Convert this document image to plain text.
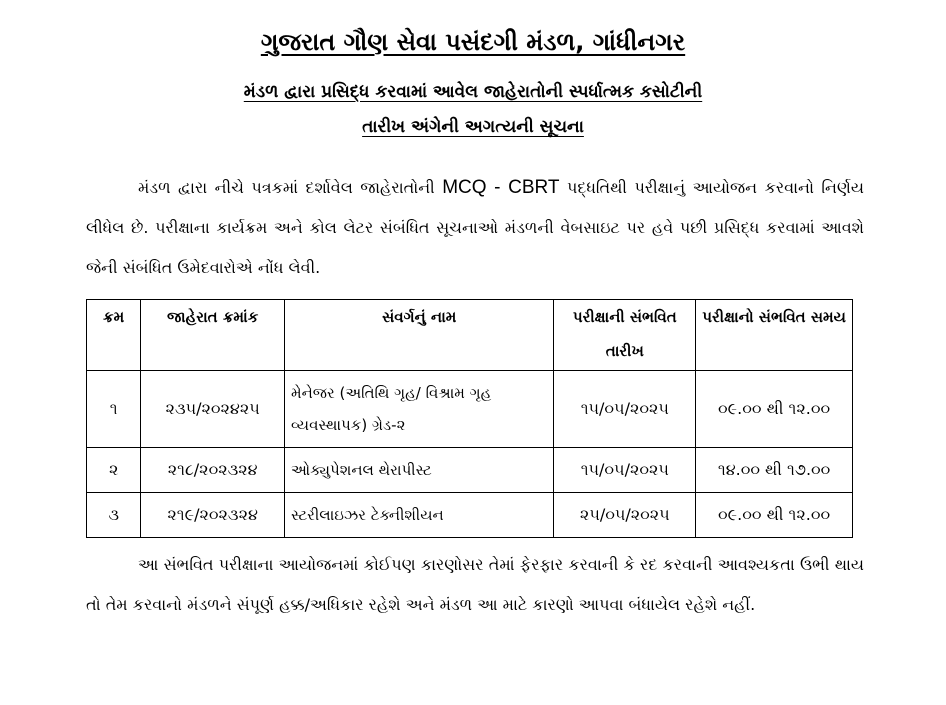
ગુજરાત ગૌણ સેવા પસંદગી મંડળ, ગાંધીનગર
મંડળ દ્વારા પ્રસિદ્ધ કરવામાં આવેલ જાહેરાતોની સ્પર્ધાત્મક કસોટીની
તારીખ અંગેની અગત્યની સૂચના
મંડળ દ્વારા નીચે પત્રકમાં દર્શાવેલ જાહેરાતોની MCQ - CBRT પદ્ધતિથી પરીક્ષાનું આયોજન કરવાનો નિર્ણય લીધેલ છે. પરીક્ષાના કાર્યક્રમ અને કોલ લેટર સંબંધિત સૂચનાઓ મંડળની વેબસાઇટ પર હવે પછી પ્રસિદ્ધ કરવામાં આવશે જેની સંબંધિત ઉમેદવારોએ નોંધ લેવી.
ક્રમ	જાહેરાત ક્રમાંક	સંવર્ગનું નામ	પરીક્ષાની સંભવિત તારીખ	પરીક્ષાનો સંભવિત સમય
૧	૨૩૫/૨૦૨૪૨૫	મેનેજર (અતિથિ ગૃહ/ વિશ્રામ ગૃહ વ્યવસ્થાપક) ગ્રેડ-૨	૧૫/૦૫/૨૦૨૫	૦૯.૦૦ થી ૧૨.૦૦
૨	૨૧૮/૨૦૨૩૨૪	ઓક્યુપેશનલ થેરાપીસ્ટ	૧૫/૦૫/૨૦૨૫	૧૪.૦૦ થી ૧૭.૦૦
૩	૨૧૯/૨૦૨૩૨૪	સ્ટરીલાઇઝર ટેક્નીશીયન	૨૫/૦૫/૨૦૨૫	૦૯.૦૦ થી ૧૨.૦૦
આ સંભવિત પરીક્ષાના આયોજનમાં કોઈપણ કારણોસર તેમાં ફેરફાર કરવાની કે રદ કરવાની આવશ્યકતા ઉભી થાય તો તેમ કરવાનો મંડળને સંપૂર્ણ હક્ક/અધિકાર રહેશે અને મંડળ આ માટે કારણો આપવા બંધાયેલ રહેશે નહીં.
